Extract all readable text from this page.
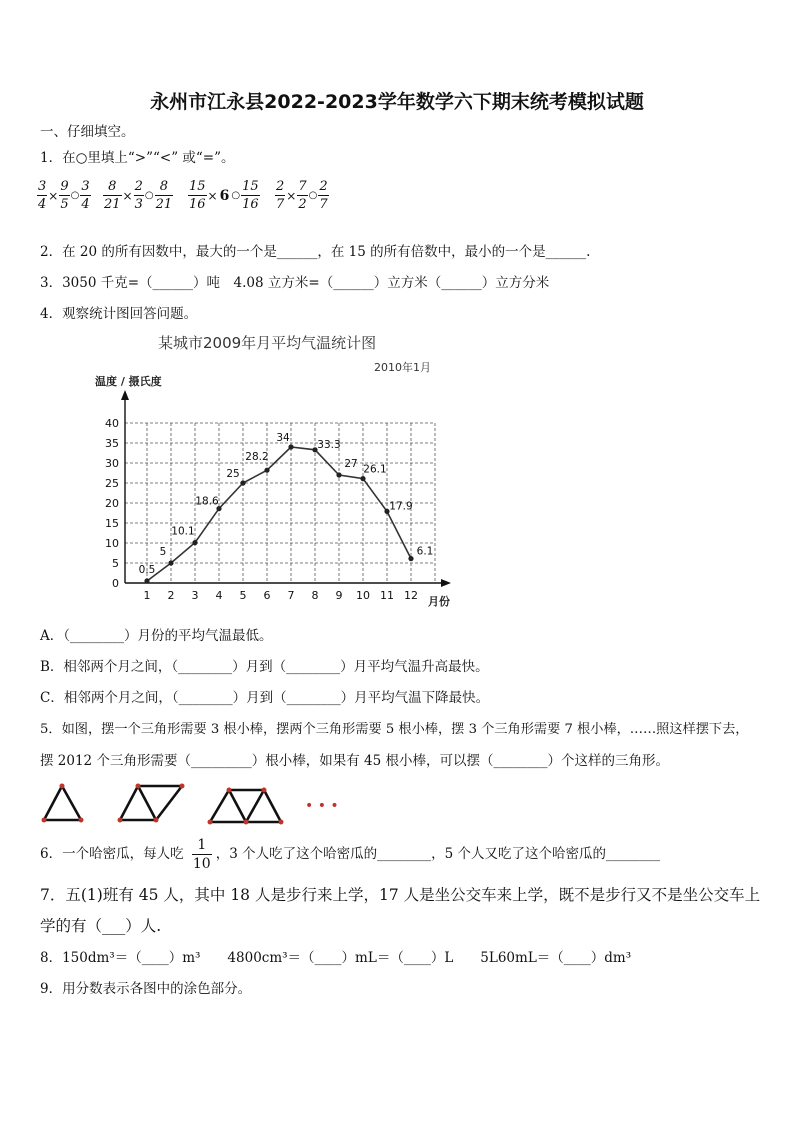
永州市江永县2022-2023学年数学六下期末统考模拟试题
一、仔细填空。
1．在○里填上“>”“<” 或“=”。
$\frac{3}{4} \times \frac{9}{5}$ ○ $\frac{3}{4} \frac{8}{21} \times \frac{2}{3}$ ○ $\frac{8}{21} \frac{15}{16} \times 6$ ○ $\frac{15}{16} \frac{2}{7} \times \frac{7}{2}$ ○ $\frac{2}{7}$
2．在 20 的所有因数中，最大的一个是______，在 15 的所有倍数中，最小的一个是______.
3．3050 千克=（______）吨　4.08 立方米=（______）立方米（______）立方分米
4．观察统计图回答问题。
某城市2009年月平均气温统计图
2010年1月
温度 / 摄氏度
月份
0
5
10
15
20
25
30
35
40
1 2 3 4 5 6 7 8 9 10 11 12
0.5
5
10.1
18.6
25
28.2
34
33.3
27 26.1
17.9
6.1
A．（________）月份的平均气温最低。
B．相邻两个月之间，（________）月到（________）月平均气温升高最快。
C．相邻两个月之间，（________）月到（________）月平均气温下降最快。
5．如图，摆一个三角形需要 3 根小棒，摆两个三角形需要 5 根小棒，摆 3 个三角形需要 7 根小棒，……照这样摆下去，
摆 2012 个三角形需要（_________）根小棒，如果有 45 根小棒，可以摆（________）个这样的三角形。
• • •
6．一个哈密瓜，每人吃 $\frac{1}{10}$ ，3 个人吃了这个哈密瓜的________，5 个人又吃了这个哈密瓜的________
7．五(1)班有 45 人，其中 18 人是步行来上学，17 人是坐公交车来上学，既不是步行又不是坐公交车上
学的有（___）人.
8．150dm³＝（____）m³　　4800cm³＝（____）mL＝（____）L　　5L60mL＝（____）dm³
9．用分数表示各图中的涂色部分。
